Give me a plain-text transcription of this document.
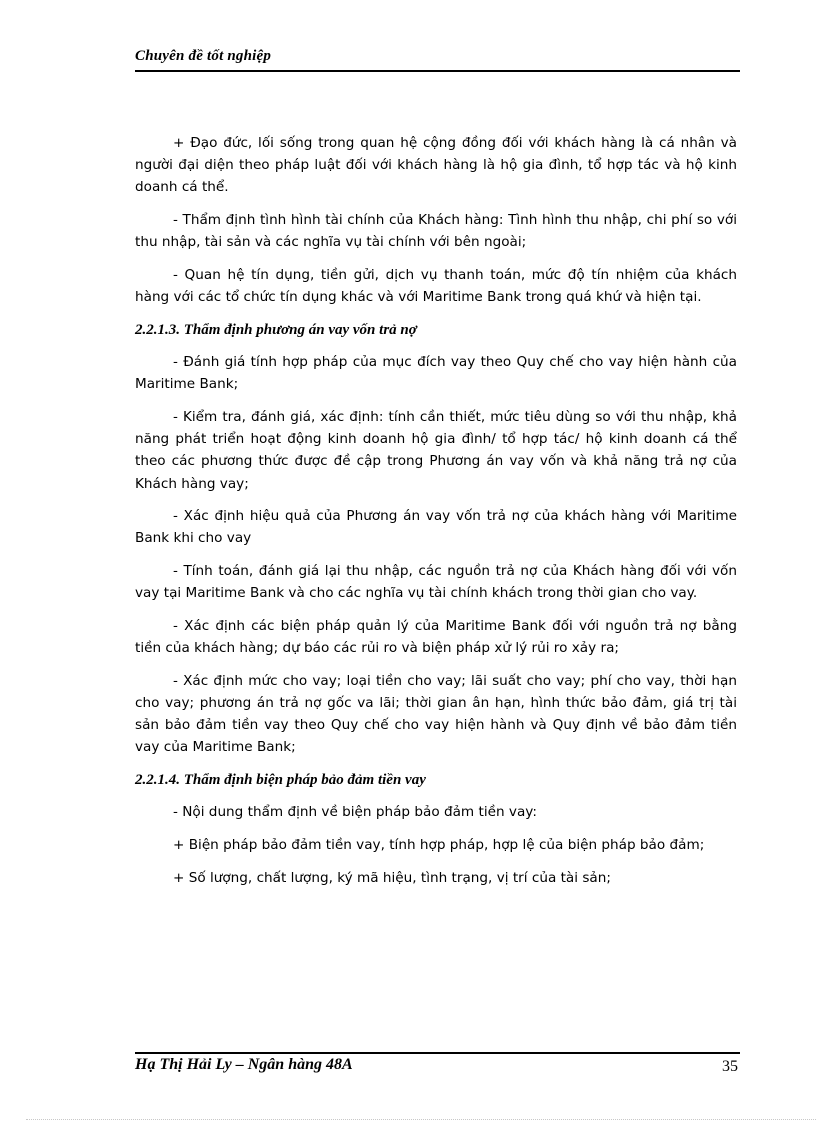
Chuyên đề tốt nghiệp

+ Đạo đức, lối sống trong quan hệ cộng đồng đối với khách hàng là cá nhân và người đại diện theo pháp luật đối với khách hàng là hộ gia đình, tổ hợp tác và hộ kinh doanh cá thể.

- Thẩm định tình hình tài chính của Khách hàng: Tình hình thu nhập, chi phí so với thu nhập, tài sản và các nghĩa vụ tài chính với bên ngoài;

- Quan hệ tín dụng, tiền gửi, dịch vụ thanh toán, mức độ tín nhiệm của khách hàng với các tổ chức tín dụng khác và với Maritime Bank trong quá khứ và hiện tại.

2.2.1.3. Thẩm định phương án vay vốn trả nợ

- Đánh giá tính hợp pháp của mục đích vay theo Quy chế cho vay hiện hành của Maritime Bank;

- Kiểm tra, đánh giá, xác định: tính cần thiết, mức tiêu dùng so với thu nhập, khả năng phát triển hoạt động kinh doanh hộ gia đình/ tổ hợp tác/ hộ kinh doanh cá thể theo các phương thức được đề cập trong Phương án vay vốn và khả năng trả nợ của Khách hàng vay;

- Xác định hiệu quả của Phương án vay vốn trả nợ của khách hàng với Maritime Bank khi cho vay

- Tính toán, đánh giá lại thu nhập, các nguồn trả nợ của Khách hàng đối với vốn vay tại Maritime Bank và cho các nghĩa vụ tài chính khách trong thời gian cho vay.

- Xác định các biện pháp quản lý của Maritime Bank đối với nguồn trả nợ bằng tiền của khách hàng; dự báo các rủi ro và biện pháp xử lý rủi ro xảy ra;

- Xác định mức cho vay; loại tiền cho vay; lãi suất cho vay; phí cho vay, thời hạn cho vay; phương án trả nợ gốc va lãi; thời gian ân hạn, hình thức bảo đảm, giá trị tài sản bảo đảm tiền vay theo Quy chế cho vay hiện hành và Quy định về bảo đảm tiền vay của Maritime Bank;

2.2.1.4. Thẩm định biện pháp bảo đảm tiền vay

- Nội dung thẩm định về biện pháp bảo đảm tiền vay:

+ Biện pháp bảo đảm tiền vay, tính hợp pháp, hợp lệ của biện pháp bảo đảm;

+ Số lượng, chất lượng, ký mã hiệu, tình trạng, vị trí của tài sản;

Hạ Thị Hải Ly – Ngân hàng 48A	35
